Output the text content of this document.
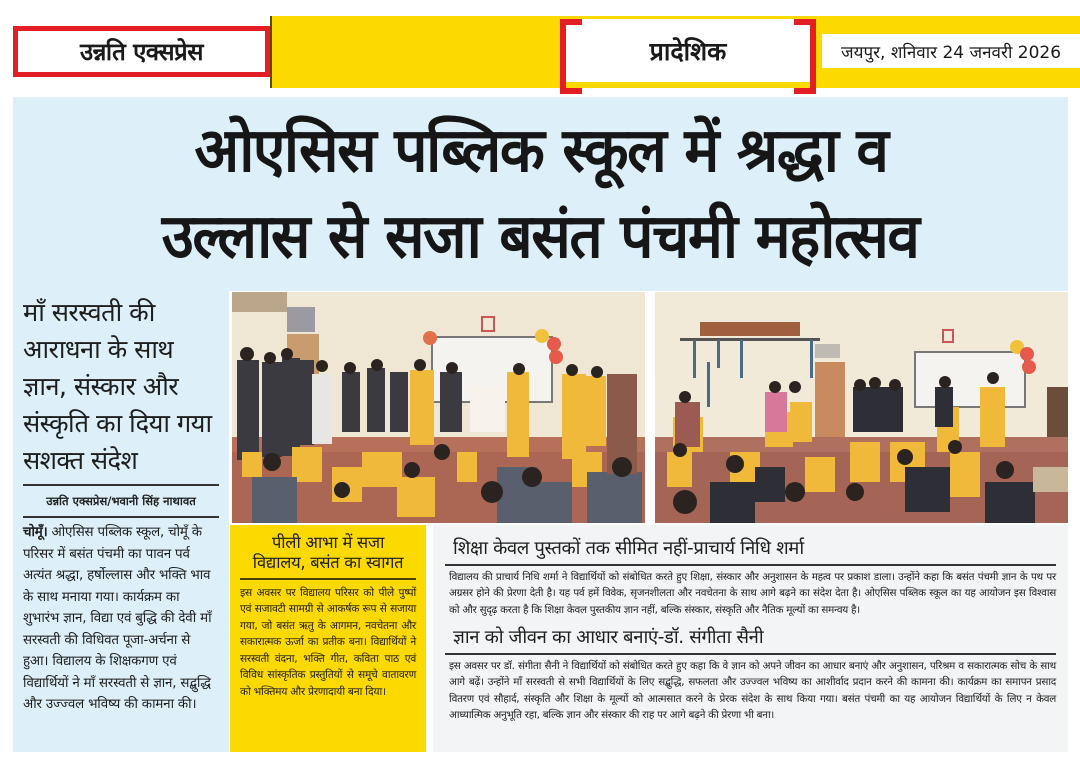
उन्नति एक्सप्रेस	प्रादेशिक	जयपुर, शनिवार 24 जनवरी 2026
ओएसिस पब्लिक स्कूल में श्रद्धा व
उल्लास से सजा बसंत पंचमी महोत्सव
माँ सरस्वती की आराधना के साथ ज्ञान, संस्कार और संस्कृति का दिया गया सशक्त संदेश
उन्नति एक्सप्रेस/भवानी सिंह नाथावत
चोमूँ। ओएसिस पब्लिक स्कूल, चोमूँ के परिसर में बसंत पंचमी का पावन पर्व अत्यंत श्रद्धा, हर्षोल्लास और भक्ति भाव के साथ मनाया गया। कार्यक्रम का शुभारंभ ज्ञान, विद्या एवं बुद्धि की देवी माँ सरस्वती की विधिवत पूजा-अर्चना से हुआ। विद्यालय के शिक्षकगण एवं विद्यार्थियों ने माँ सरस्वती से ज्ञान, सद्बुद्धि और उज्ज्वल भविष्य की कामना की।
पीली आभा में सजा
विद्यालय, बसंत का स्वागत
इस अवसर पर विद्यालय परिसर को पीले पुष्पों एवं सजावटी सामग्री से आकर्षक रूप से सजाया गया, जो बसंत ऋतु के आगमन, नवचेतना और सकारात्मक ऊर्जा का प्रतीक बना। विद्यार्थियों ने सरस्वती वंदना, भक्ति गीत, कविता पाठ एवं विविध सांस्कृतिक प्रस्तुतियों से समूचे वातावरण को भक्तिमय और प्रेरणादायी बना दिया।
शिक्षा केवल पुस्तकों तक सीमित नहीं-प्राचार्य निधि शर्मा
विद्यालय की प्राचार्य निधि शर्मा ने विद्यार्थियों को संबोधित करते हुए शिक्षा, संस्कार और अनुशासन के महत्व पर प्रकाश डाला। उन्होंने कहा कि बसंत पंचमी ज्ञान के पथ पर अग्रसर होने की प्रेरणा देती है। यह पर्व हमें विवेक, सृजनशीलता और नवचेतना के साथ आगे बढ़ने का संदेश देता है। ओएसिस पब्लिक स्कूल का यह आयोजन इस विश्वास को और सुदृढ़ करता है कि शिक्षा केवल पुस्तकीय ज्ञान नहीं, बल्कि संस्कार, संस्कृति और नैतिक मूल्यों का समन्वय है।
ज्ञान को जीवन का आधार बनाएं-डॉ. संगीता सैनी
इस अवसर पर डॉ. संगीता सैनी ने विद्यार्थियों को संबोधित करते हुए कहा कि वे ज्ञान को अपने जीवन का आधार बनाएं और अनुशासन, परिश्रम व सकारात्मक सोच के साथ आगे बढ़ें। उन्होंने माँ सरस्वती से सभी विद्यार्थियों के लिए सद्बुद्धि, सफलता और उज्ज्वल भविष्य का आशीर्वाद प्रदान करने की कामना की। कार्यक्रम का समापन प्रसाद वितरण एवं सौहार्द, संस्कृति और शिक्षा के मूल्यों को आत्मसात करने के प्रेरक संदेश के साथ किया गया। बसंत पंचमी का यह आयोजन विद्यार्थियों के लिए न केवल आध्यात्मिक अनुभूति रहा, बल्कि ज्ञान और संस्कार की राह पर आगे बढ़ने की प्रेरणा भी बना।
